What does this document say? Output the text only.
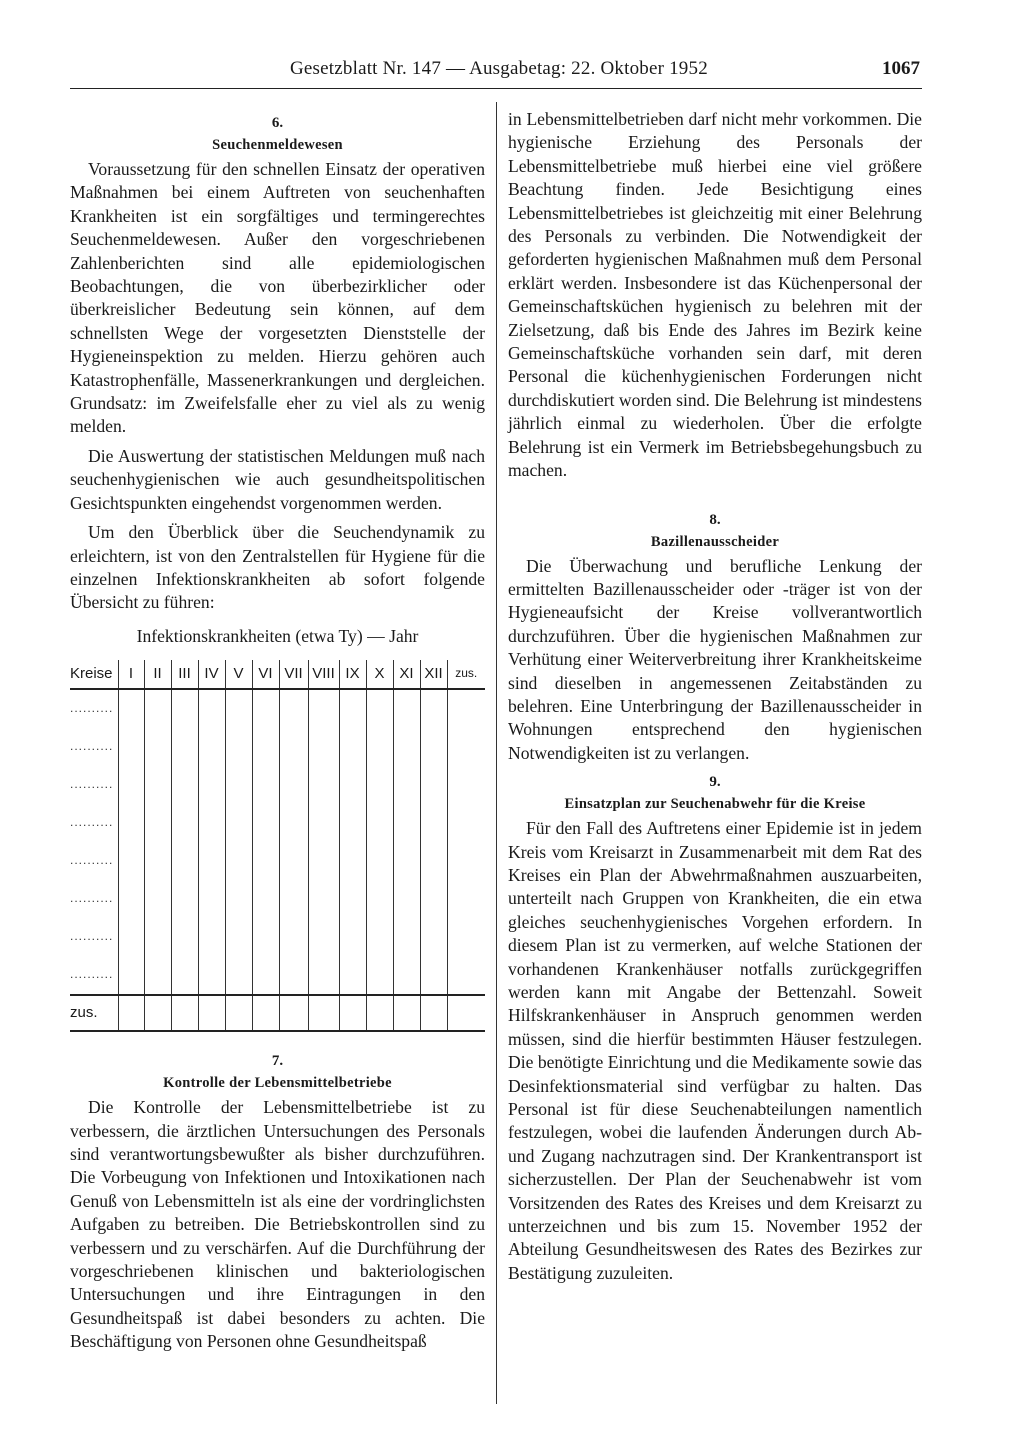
Gesetzblatt Nr. 147 — Ausgabetag: 22. Oktober 1952	1067
6.
Seuchenmeldewesen

Voraussetzung für den schnellen Einsatz der operativen Maßnahmen bei einem Auftreten von seuchenhaften Krankheiten ist ein sorgfältiges und termingerechtes Seuchenmeldewesen. Außer den vorgeschriebenen Zahlenberichten sind alle epidemiologischen Beobachtungen, die von überbezirklicher oder überkreislicher Bedeutung sein können, auf dem schnellsten Wege der vorgesetzten Dienststelle der Hygieneinspektion zu melden. Hierzu gehören auch Katastrophenfälle, Massenerkrankungen und dergleichen. Grundsatz: im Zweifelsfalle eher zu viel als zu wenig melden.

Die Auswertung der statistischen Meldungen muß nach seuchenhygienischen wie auch gesundheitspolitischen Gesichtspunkten eingehendst vorgenommen werden.

Um den Überblick über die Seuchendynamik zu erleichtern, ist von den Zentralstellen für Hygiene für die einzelnen Infektionskrankheiten ab sofort folgende Übersicht zu führen:

Infektionskrankheiten (etwa Ty) — Jahr
Kreise	I	II	III	IV	V	VI	VII	VIII	IX	X	XI	XII	zus.
..........													
..........													
..........													
..........													
..........													
..........													
..........													
..........													
zus.													
7.
Kontrolle der Lebensmittelbetriebe

Die Kontrolle der Lebensmittelbetriebe ist zu verbessern, die ärztlichen Untersuchungen des Personals sind verantwortungsbewußter als bisher durchzuführen. Die Vorbeugung von Infektionen und Intoxikationen nach Genuß von Lebensmitteln ist als eine der vordringlichsten Aufgaben zu betreiben. Die Betriebskontrollen sind zu verbessern und zu verschärfen. Auf die Durchführung der vorgeschriebenen klinischen und bakteriologischen Untersuchungen und ihre Eintragungen in den Gesundheitspaß ist dabei besonders zu achten. Die Beschäftigung von Personen ohne Gesundheitspaß

in Lebensmittelbetrieben darf nicht mehr vorkommen. Die hygienische Erziehung des Personals der Lebensmittelbetriebe muß hierbei eine viel größere Beachtung finden. Jede Besichtigung eines Lebensmittelbetriebes ist gleichzeitig mit einer Belehrung des Personals zu verbinden. Die Notwendigkeit der geforderten hygienischen Maßnahmen muß dem Personal erklärt werden. Insbesondere ist das Küchenpersonal der Gemeinschaftsküchen hygienisch zu belehren mit der Zielsetzung, daß bis Ende des Jahres im Bezirk keine Gemeinschaftsküche vorhanden sein darf, mit deren Personal die küchenhygienischen Forderungen nicht durchdiskutiert worden sind. Die Belehrung ist mindestens jährlich einmal zu wiederholen. Über die erfolgte Belehrung ist ein Vermerk im Betriebsbegehungsbuch zu machen.

8.
Bazillenausscheider

Die Überwachung und berufliche Lenkung der ermittelten Bazillenausscheider oder -träger ist von der Hygieneaufsicht der Kreise vollverantwortlich durchzuführen. Über die hygienischen Maßnahmen zur Verhütung einer Weiterverbreitung ihrer Krankheitskeime sind dieselben in angemessenen Zeitabständen zu belehren. Eine Unterbringung der Bazillenausscheider in Wohnungen entsprechend den hygienischen Notwendigkeiten ist zu verlangen.

9.
Einsatzplan zur Seuchenabwehr für die Kreise

Für den Fall des Auftretens einer Epidemie ist in jedem Kreis vom Kreisarzt in Zusammenarbeit mit dem Rat des Kreises ein Plan der Abwehrmaßnahmen auszuarbeiten, unterteilt nach Gruppen von Krankheiten, die ein etwa gleiches seuchenhygienisches Vorgehen erfordern. In diesem Plan ist zu vermerken, auf welche Stationen der vorhandenen Krankenhäuser notfalls zurückgegriffen werden kann mit Angabe der Bettenzahl. Soweit Hilfskrankenhäuser in Anspruch genommen werden müssen, sind die hierfür bestimmten Häuser festzulegen. Die benötigte Einrichtung und die Medikamente sowie das Desinfektionsmaterial sind verfügbar zu halten. Das Personal ist für diese Seuchenabteilungen namentlich festzulegen, wobei die laufenden Änderungen durch Ab- und Zugang nachzutragen sind. Der Krankentransport ist sicherzustellen. Der Plan der Seuchenabwehr ist vom Vorsitzenden des Rates des Kreises und dem Kreisarzt zu unterzeichnen und bis zum 15. November 1952 der Abteilung Gesundheitswesen des Rates des Bezirkes zur Bestätigung zuzuleiten.
